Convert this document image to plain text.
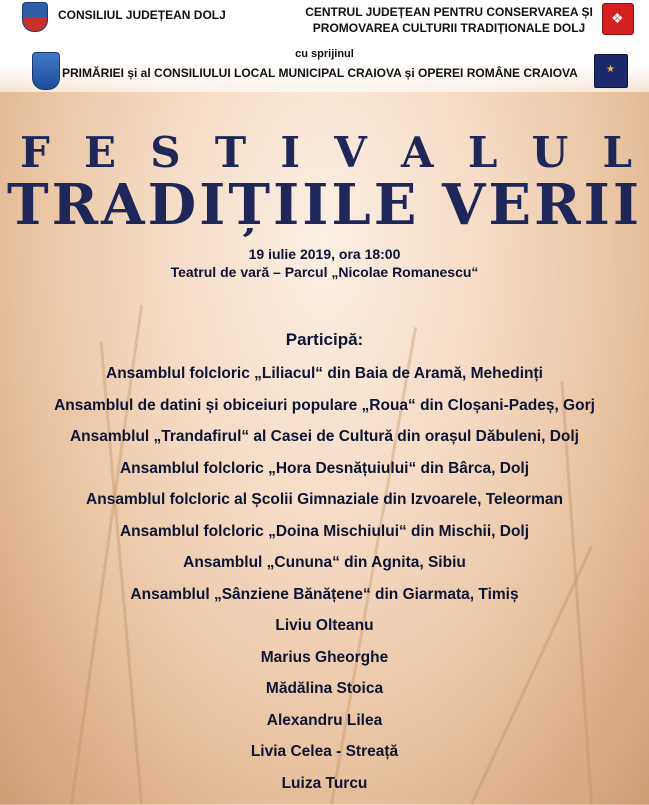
CONSILIUL JUDEȚEAN DOLJ	CENTRUL JUDEȚEAN PENTRU CONSERVAREA ȘI
PROMOVAREA CULTURII TRADIȚIONALE DOLJ
❖
cu sprijinul
PRIMĂRIEI și al CONSILIULUI LOCAL MUNICIPAL CRAIOVA și OPEREI ROMÂNE CRAIOVA
★
F E S T I V A L U L
TRADIȚIILE VERII
19 iulie 2019, ora 18:00
Teatrul de vară – Parcul „Nicolae Romanescu“
Participă:
Ansamblul folcloric „Liliacul“ din Baia de Aramă, Mehedinți
Ansamblul de datini și obiceiuri populare „Roua“ din Cloșani-Padeș, Gorj
Ansamblul „Trandafirul“ al Casei de Cultură din orașul Dăbuleni, Dolj
Ansamblul folcloric „Hora Desnățuiului“ din Bârca, Dolj
Ansamblul folcloric al Școlii Gimnaziale din Izvoarele, Teleorman
Ansamblul folcloric „Doina Mischiului“ din Mischii, Dolj
Ansamblul „Cununa“ din Agnita, Sibiu
Ansamblul „Sânziene Bănățene“ din Giarmata, Timiș
Liviu Olteanu
Marius Gheorghe
Mădălina Stoica
Alexandru Lilea
Livia Celea - Streață
Luiza Turcu
